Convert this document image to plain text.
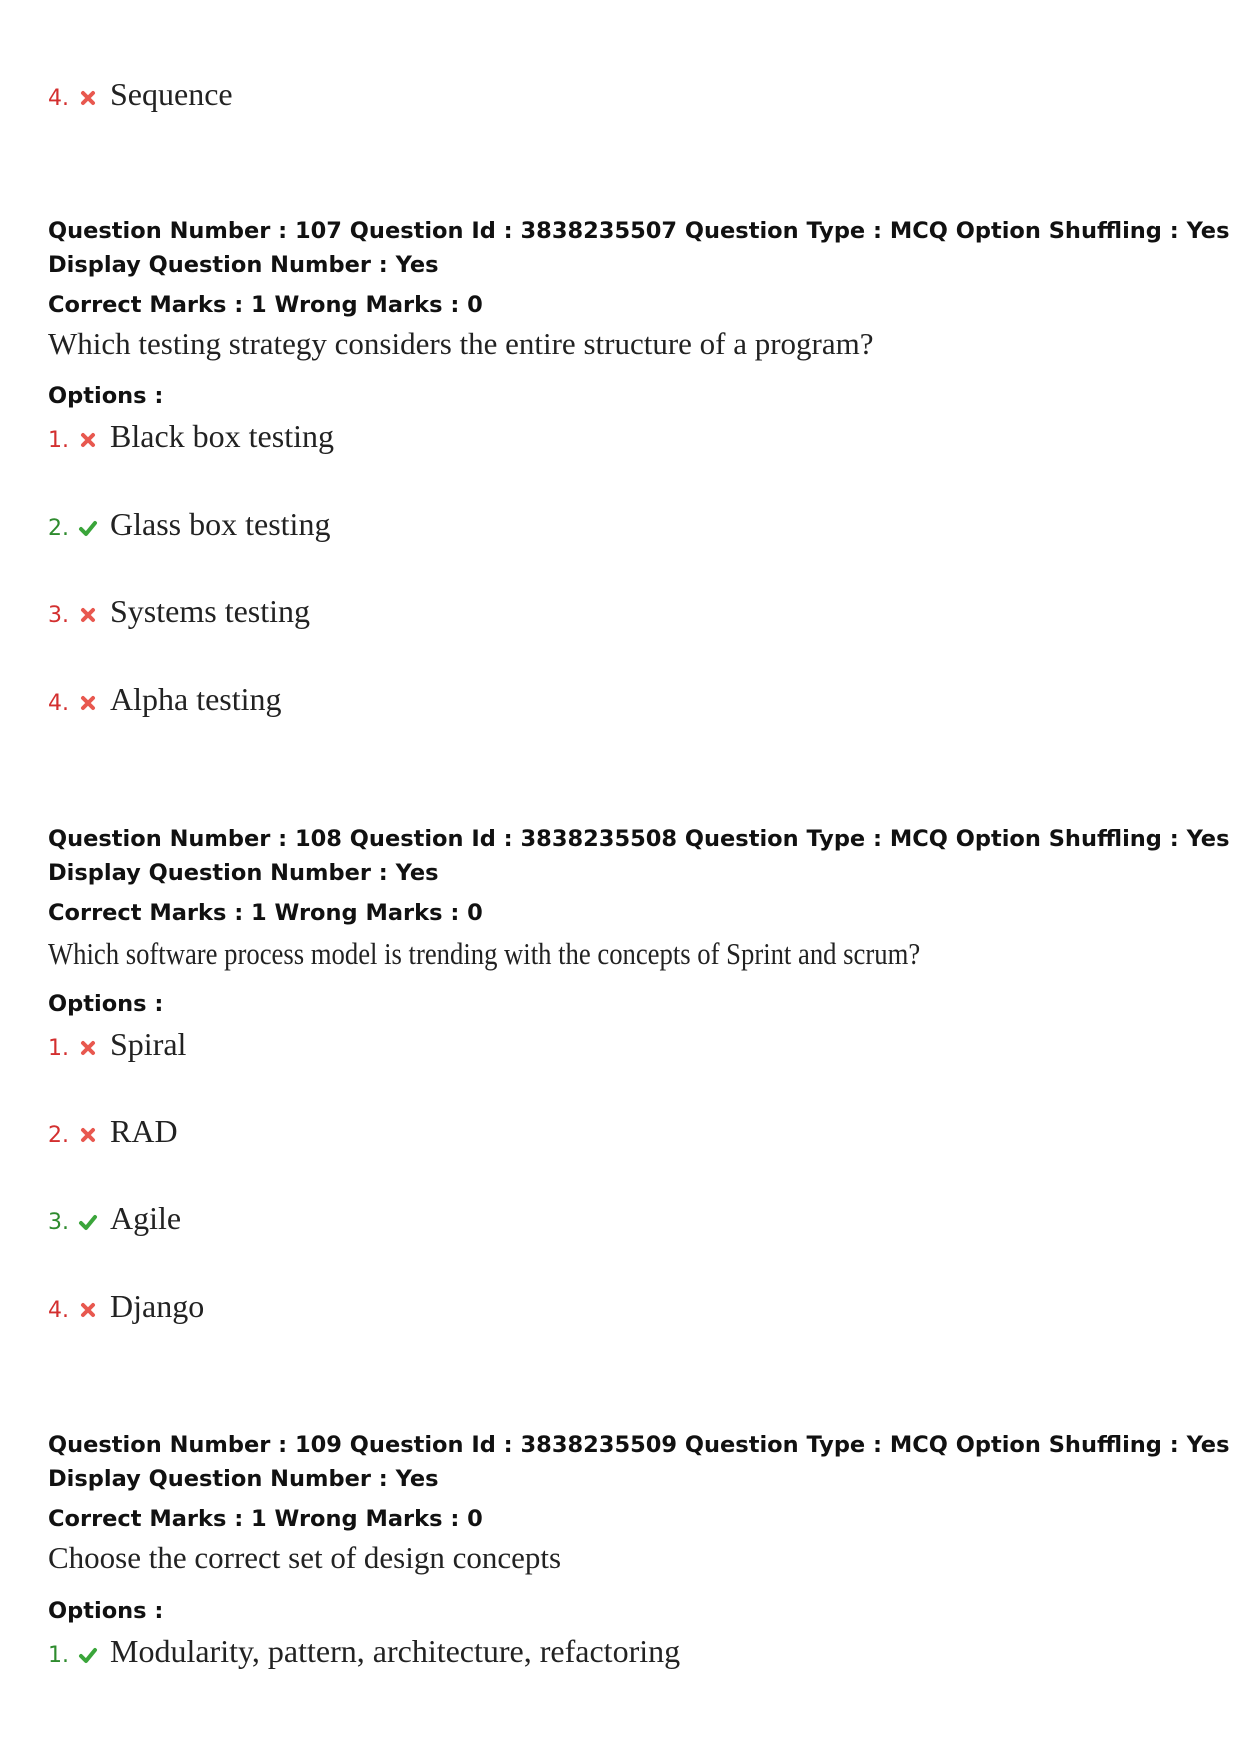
4. Sequence
Question Number : 107 Question Id : 3838235507 Question Type : MCQ Option Shuffling : Yes
Display Question Number : Yes
Correct Marks : 1 Wrong Marks : 0
Which testing strategy considers the entire structure of a program?
Options :
1. Black box testing
2. Glass box testing
3. Systems testing
4. Alpha testing
Question Number : 108 Question Id : 3838235508 Question Type : MCQ Option Shuffling : Yes
Display Question Number : Yes
Correct Marks : 1 Wrong Marks : 0
Which software process model is trending with the concepts of Sprint and scrum?
Options :
1. Spiral
2. RAD
3. Agile
4. Django
Question Number : 109 Question Id : 3838235509 Question Type : MCQ Option Shuffling : Yes
Display Question Number : Yes
Correct Marks : 1 Wrong Marks : 0
Choose the correct set of design concepts
Options :
1. Modularity, pattern, architecture, refactoring
